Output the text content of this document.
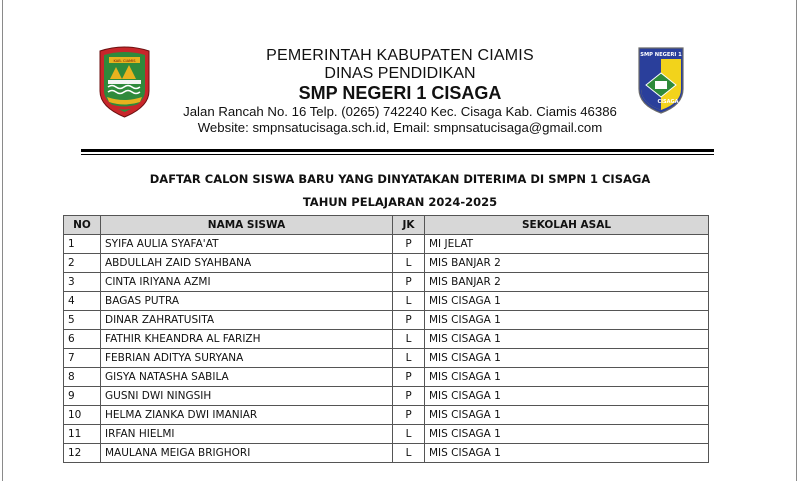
KAB. CIAMIS
SMP NEGERI 1
CISAGA
PEMERINTAH KABUPATEN CIAMIS
DINAS PENDIDIKAN
SMP NEGERI 1 CISAGA
Jalan Rancah No. 16 Telp. (0265) 742240 Kec. Cisaga Kab. Ciamis 46386
Website: smpnsatucisaga.sch.id, Email: smpnsatucisaga@gmail.com
DAFTAR CALON SISWA BARU YANG DINYATAKAN DITERIMA DI SMPN 1 CISAGA
TAHUN PELAJARAN 2024-2025
NO	NAMA SISWA	JK	SEKOLAH ASAL
1	SYIFA AULIA SYAFA'AT	P	MI JELAT
2	ABDULLAH ZAID SYAHBANA	L	MIS BANJAR 2
3	CINTA IRIYANA AZMI	P	MIS BANJAR 2
4	BAGAS PUTRA	L	MIS CISAGA 1
5	DINAR ZAHRATUSITA	P	MIS CISAGA 1
6	FATHIR KHEANDRA AL FARIZH	L	MIS CISAGA 1
7	FEBRIAN ADITYA SURYANA	L	MIS CISAGA 1
8	GISYA NATASHA SABILA	P	MIS CISAGA 1
9	GUSNI DWI NINGSIH	P	MIS CISAGA 1
10	HELMA ZIANKA DWI IMANIAR	P	MIS CISAGA 1
11	IRFAN HIELMI	L	MIS CISAGA 1
12	MAULANA MEIGA BRIGHORI	L	MIS CISAGA 1
